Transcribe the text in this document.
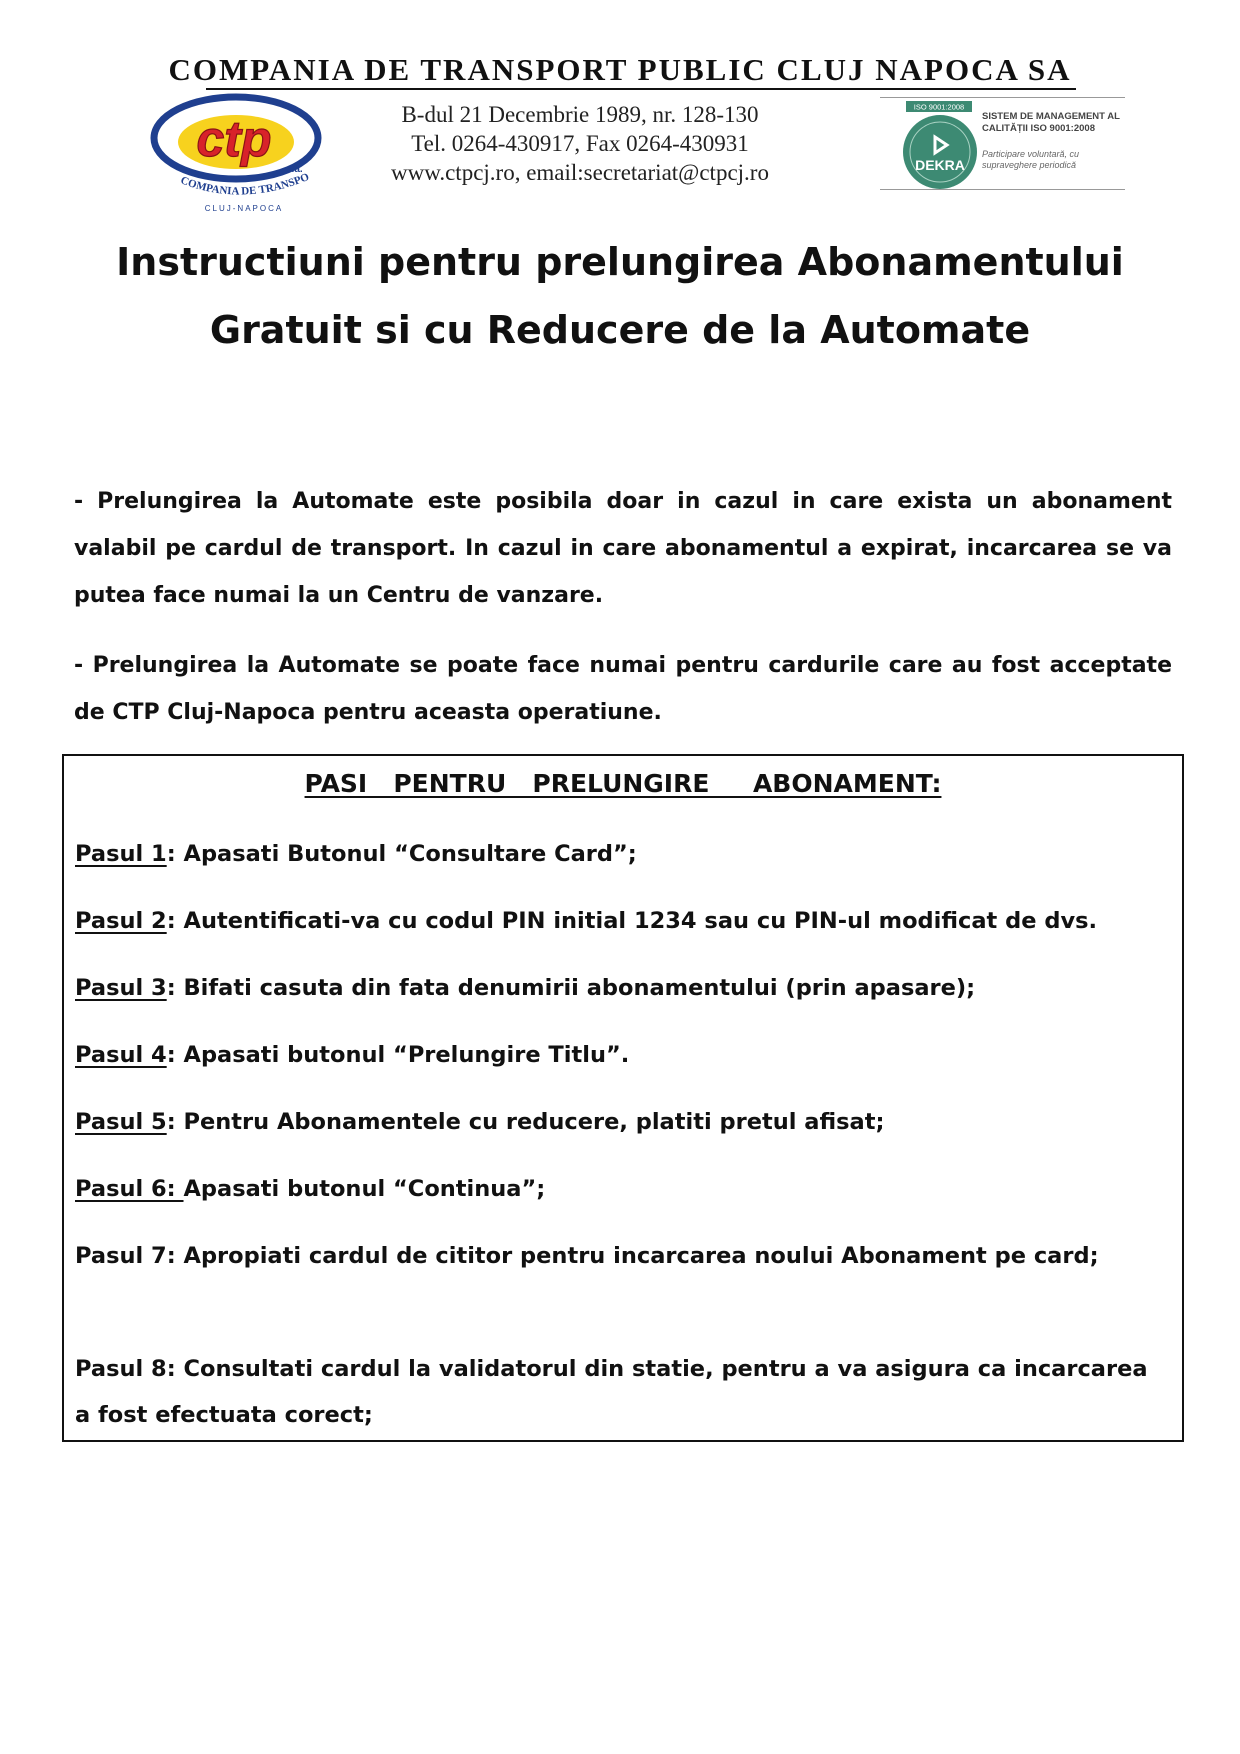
COMPANIA DE TRANSPORT PUBLIC CLUJ NAPOCA SA
ctp
s.a.
COMPANIA DE TRANSPO
CLUJ-NAPOCA
B-dul 21 Decembrie 1989, nr. 128-130
Tel. 0264-430917, Fax 0264-430931
www.ctpcj.ro, email:secretariat@ctpcj.ro
ISO 9001:2008
DEKRA
SISTEM DE MANAGEMENT AL
CALITĂȚII ISO 9001:2008
Participare voluntară, cu
supraveghere periodică
Instructiuni pentru prelungirea Abonamentului
Gratuit si cu Reducere de la Automate
- Prelungirea la Automate este posibila doar in cazul in care exista un abonament valabil pe cardul de transport. In cazul in care abonamentul a expirat, incarcarea se va putea face numai la un Centru de vanzare.
- Prelungirea la Automate se poate face numai pentru cardurile care au fost acceptate de CTP Cluj-Napoca pentru aceasta operatiune.
PASI   PENTRU   PRELUNGIRE     ABONAMENT:
Pasul 1: Apasati Butonul “Consultare Card”;
Pasul 2: Autentificati-va cu codul PIN initial 1234 sau cu PIN-ul modificat de dvs.
Pasul 3: Bifati casuta din fata denumirii abonamentului (prin apasare);
Pasul 4: Apasati butonul “Prelungire Titlu”.
Pasul 5: Pentru Abonamentele cu reducere, platiti pretul afisat;
Pasul 6: Apasati butonul “Continua”;
Pasul 7: Apropiati cardul de cititor pentru incarcarea noului Abonament pe card;
Pasul 8: Consultati cardul la validatorul din statie, pentru a va asigura ca incarcarea a fost efectuata corect;
